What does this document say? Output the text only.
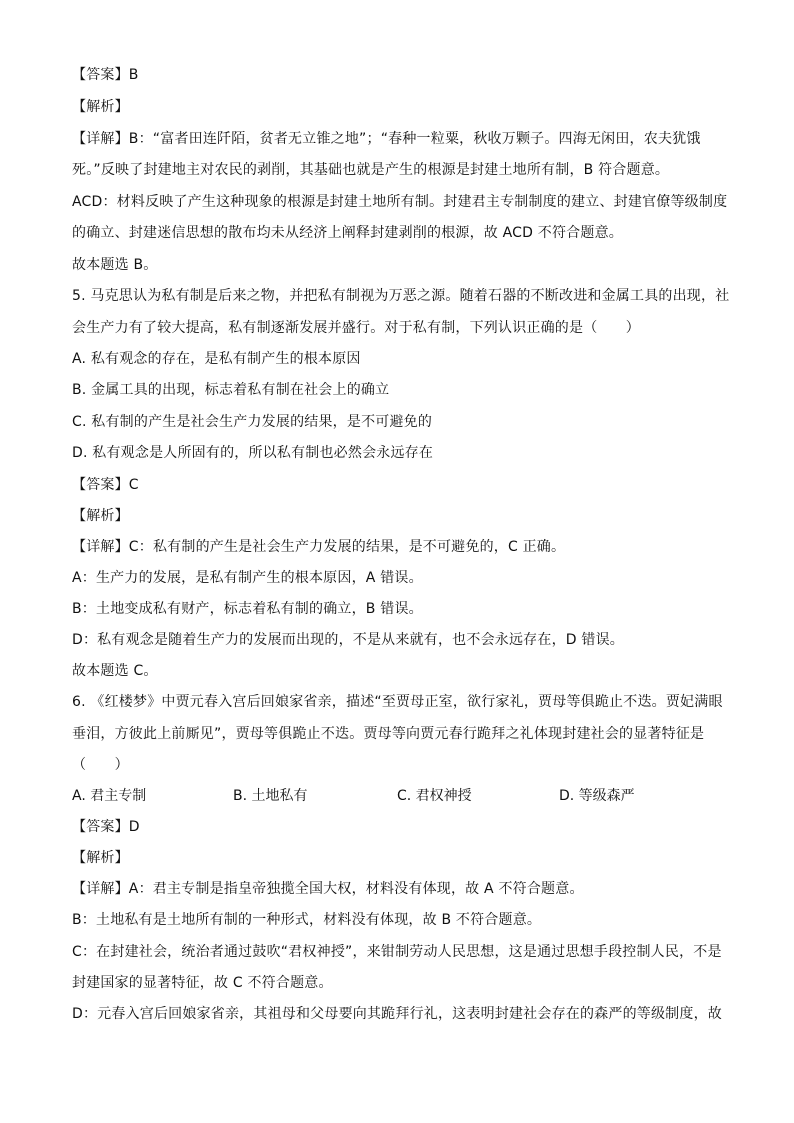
【答案】B
【解析】
【详解】B：“富者田连阡陌，贫者无立锥之地”；“春种一粒粟，秋收万颗子。四海无闲田，农夫犹饿
死。”反映了封建地主对农民的剥削，其基础也就是产生的根源是封建土地所有制，B 符合题意。
ACD：材料反映了产生这种现象的根源是封建土地所有制。封建君主专制制度的建立、封建官僚等级制度
的确立、封建迷信思想的散布均未从经济上阐释封建剥削的根源，故 ACD 不符合题意。
故本题选 B。
5. 马克思认为私有制是后来之物，并把私有制视为万恶之源。随着石器的不断改进和金属工具的出现，社
会生产力有了较大提高，私有制逐渐发展并盛行。对于私有制，下列认识正确的是（　　）
A. 私有观念的存在，是私有制产生的根本原因
B. 金属工具的出现，标志着私有制在社会上的确立
C. 私有制的产生是社会生产力发展的结果，是不可避免的
D. 私有观念是人所固有的，所以私有制也必然会永远存在
【答案】C
【解析】
【详解】C：私有制的产生是社会生产力发展的结果，是不可避免的，C 正确。
A：生产力的发展，是私有制产生的根本原因，A 错误。
B：土地变成私有财产，标志着私有制的确立，B 错误。
D：私有观念是随着生产力的发展而出现的，不是从来就有，也不会永远存在，D 错误。
故本题选 C。
6. 《红楼梦》中贾元春入宫后回娘家省亲，描述“至贾母正室，欲行家礼，贾母等俱跪止不迭。贾妃满眼
垂泪，方彼此上前厮见”，贾母等俱跪止不迭。贾母等向贾元春行跪拜之礼体现封建社会的显著特征是
（　　）
A. 君主专制	B. 土地私有	C. 君权神授	D. 等级森严
【答案】D
【解析】
【详解】A：君主专制是指皇帝独揽全国大权，材料没有体现，故 A 不符合题意。
B：土地私有是土地所有制的一种形式，材料没有体现，故 B 不符合题意。
C：在封建社会，统治者通过鼓吹“君权神授”，来钳制劳动人民思想，这是通过思想手段控制人民，不是
封建国家的显著特征，故 C 不符合题意。
D：元春入宫后回娘家省亲，其祖母和父母要向其跪拜行礼，这表明封建社会存在的森严的等级制度，故
